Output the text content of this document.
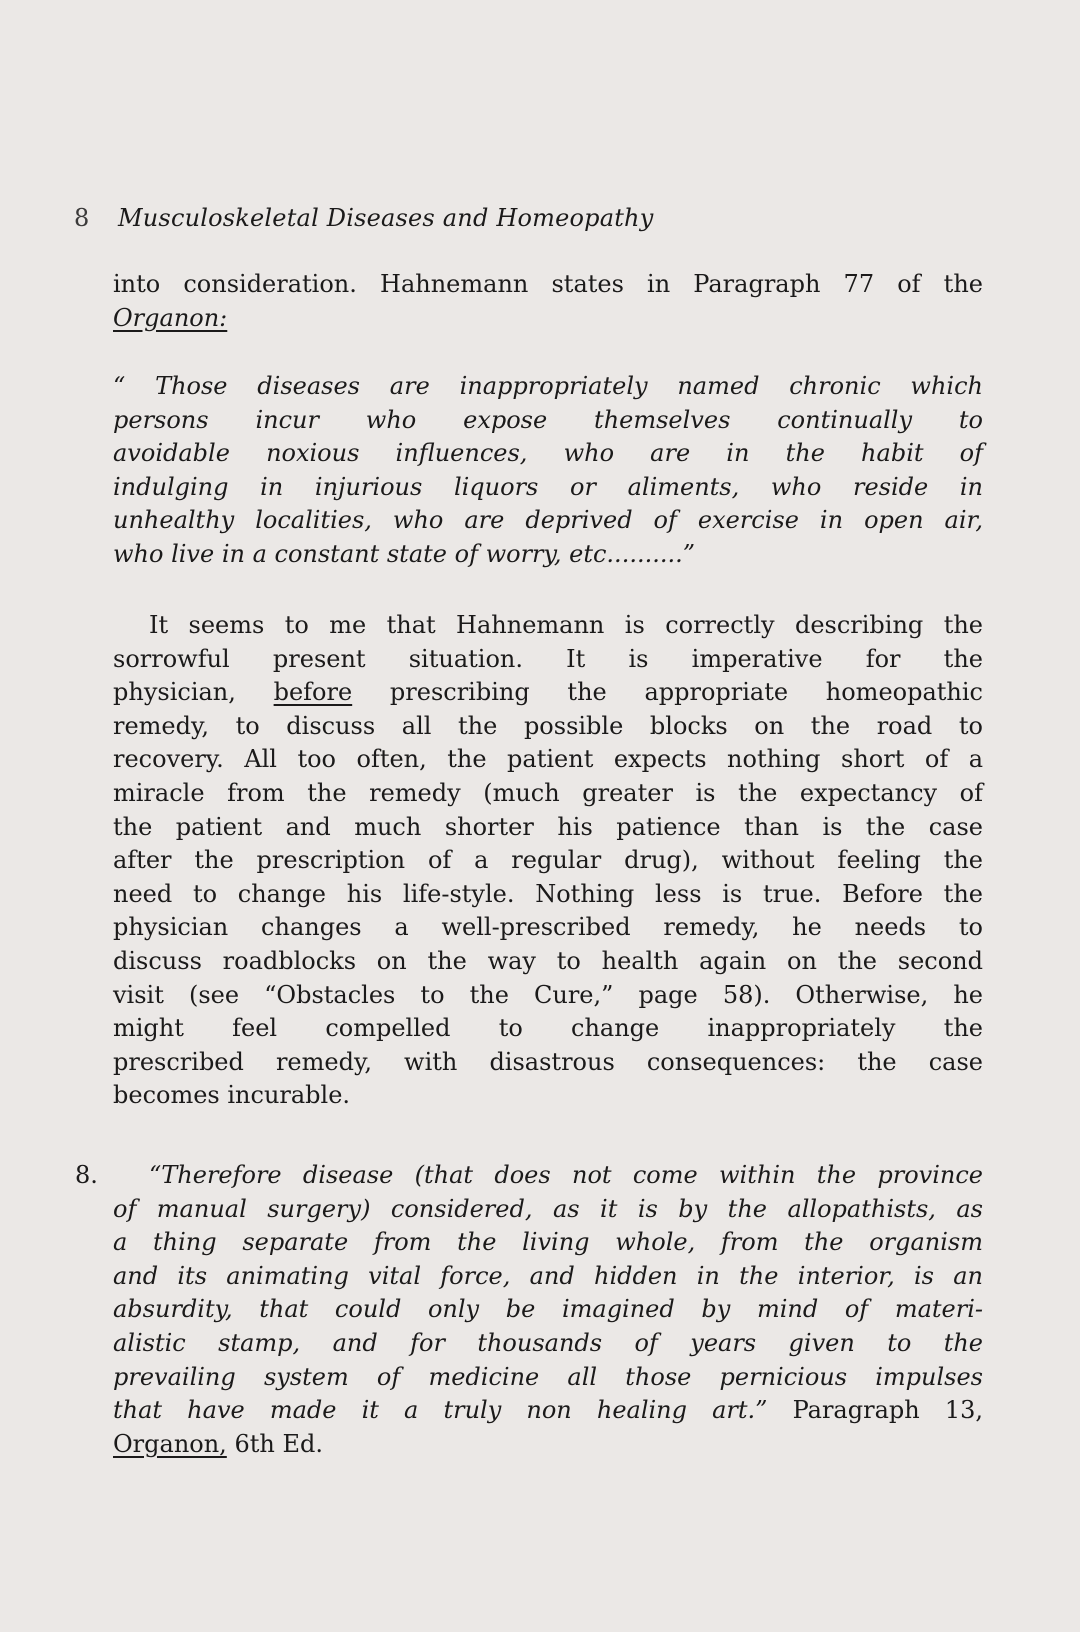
8 Musculoskeletal Diseases and Homeopathy
into consideration. Hahnemann states in Paragraph 77 of the
Organon:
“ Those diseases are inappropriately named chronic which
persons incur who expose themselves continually to
avoidable noxious influences, who are in the habit of
indulging in injurious liquors or aliments, who reside in
unhealthy localities, who are deprived of exercise in open air,
who live in a constant state of worry, etc..........”
It seems to me that Hahnemann is correctly describing the
sorrowful present situation. It is imperative for the
physician, before prescribing the appropriate homeopathic
remedy, to discuss all the possible blocks on the road to
recovery. All too often, the patient expects nothing short of a
miracle from the remedy (much greater is the expectancy of
the patient and much shorter his patience than is the case
after the prescription of a regular drug), without feeling the
need to change his life-style. Nothing less is true. Before the
physician changes a well-prescribed remedy, he needs to
discuss roadblocks on the way to health again on the second
visit (see “Obstacles to the Cure,” page 58). Otherwise, he
might feel compelled to change inappropriately the
prescribed remedy, with disastrous consequences: the case
becomes incurable.
8.	“Therefore disease (that does not come within the province
of manual surgery) considered, as it is by the allopathists, as
a thing separate from the living whole, from the organism
and its animating vital force, and hidden in the interior, is an
absurdity, that could only be imagined by mind of materi-
alistic stamp, and for thousands of years given to the
prevailing system of medicine all those pernicious impulses
that have made it a truly non healing art.” Paragraph 13,
Organon, 6th Ed.
